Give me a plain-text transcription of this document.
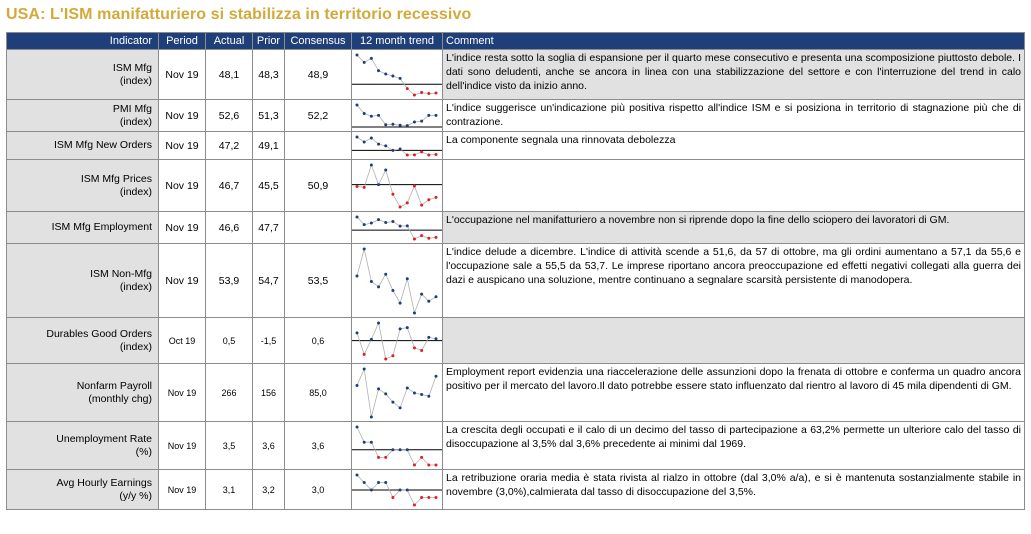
USA: L'ISM manifatturiero si stabilizza in territorio recessivo
Indicator	Period	Actual	Prior	Consensus	12 month trend	Comment

ISM Mfg
(index)	Nov 19	48,1	48,3	48,9		L'indice resta sotto la soglia di espansione per il quarto mese consecutivo e presenta una scomposizione piuttosto debole. I dati sono deludenti, anche se ancora in linea con una stabilizzazione del settore e con l'interruzione del trend in calo dell'indice visto da inizio anno.

PMI Mfg
(index)	Nov 19	52,6	51,3	52,2		L'indice suggerisce un'indicazione più positiva rispetto all'indice ISM e si posiziona in territorio di stagnazione più che di contrazione.

ISM Mfg New Orders	Nov 19	47,2	49,1			La componente segnala una rinnovata debolezza

ISM Mfg Prices
(index)	Nov 19	46,7	45,5	50,9	

ISM Mfg Employment	Nov 19	46,6	47,7			L'occupazione nel manifatturiero a novembre non si riprende dopo la fine dello sciopero dei lavoratori di GM.

ISM Non-Mfg
(index)	Nov 19	53,9	54,7	53,5		L'indice delude a dicembre. L'indice di attività scende a 51,6, da 57 di ottobre, ma gli ordini aumentano a 57,1 da 55,6 e l'occupazione sale a 55,5 da 53,7. Le imprese riportano ancora preoccupazione ed effetti negativi collegati alla guerra dei dazi e auspicano una soluzione, mentre continuano a segnalare scarsità persistente di manodopera.

Durables Good Orders
(index)	Oct 19	0,5	-1,5	0,6	

Nonfarm Payroll
(monthly chg)	Nov 19	266	156	85,0		Employment report evidenzia una riaccelerazione delle assunzioni dopo la frenata di ottobre e conferma un quadro ancora positivo per il mercato del lavoro.Il dato potrebbe essere stato influenzato dal rientro al lavoro di 45 mila dipendenti di GM.

Unemployment Rate
(%)	Nov 19	3,5	3,6	3,6		La crescita degli occupati e il calo di un decimo del tasso di partecipazione a 63,2% permette un ulteriore calo del tasso di disoccupazione al 3,5% dal 3,6% precedente ai minimi dal 1969.

Avg Hourly Earnings
(y/y %)	Nov 19	3,1	3,2	3,0		La retribuzione oraria media è stata rivista al rialzo in ottobre (dal 3,0% a/a), e si è mantenuta sostanzialmente stabile in novembre (3,0%),calmierata dal tasso di disoccupazione del 3,5%.
